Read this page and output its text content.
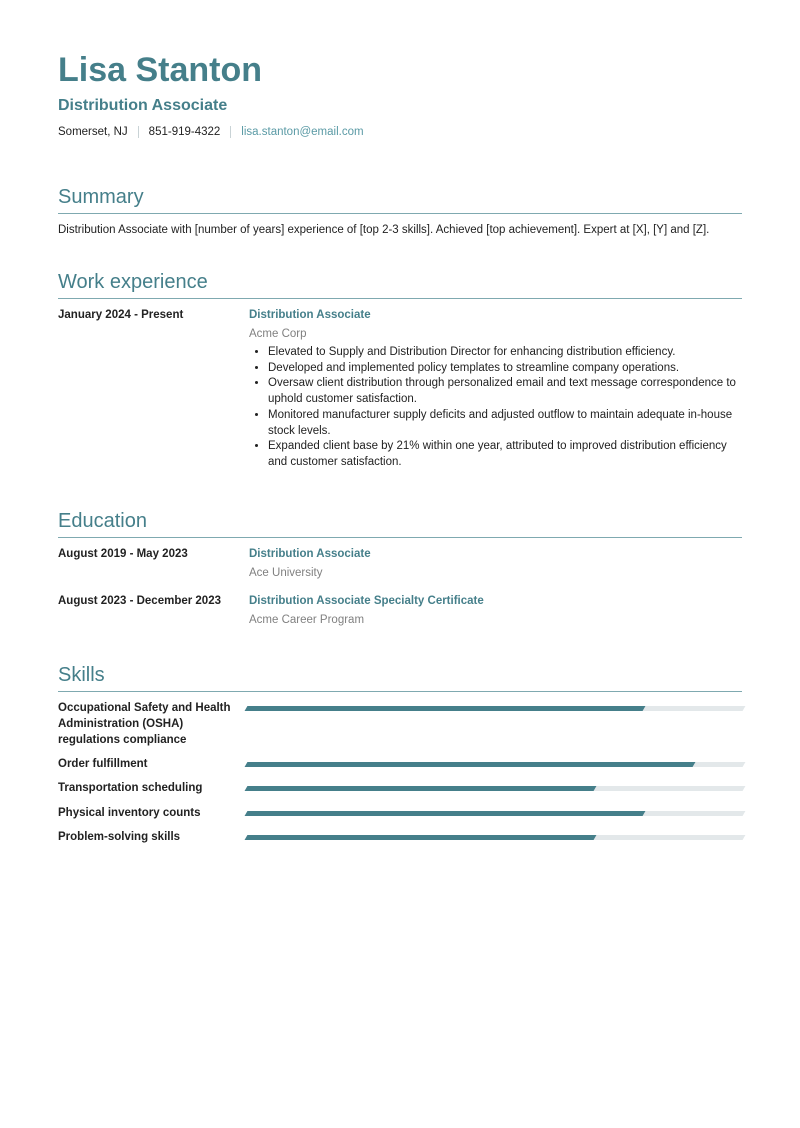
Lisa Stanton
Distribution Associate
Somerset, NJ 851-919-4322 lisa.stanton@email.com
Summary
Distribution Associate with [number of years] experience of [top 2-3 skills]. Achieved [top achievement]. Expert at [X], [Y] and [Z].
Work experience
January 2024 - Present	Distribution Associate
Acme Corp
• Elevated to Supply and Distribution Director for enhancing distribution efficiency.
• Developed and implemented policy templates to streamline company operations.
• Oversaw client distribution through personalized email and text message correspondence to uphold customer satisfaction.
• Monitored manufacturer supply deficits and adjusted outflow to maintain adequate in-house stock levels.
• Expanded client base by 21% within one year, attributed to improved distribution efficiency and customer satisfaction.
Education
August 2019 - May 2023	Distribution Associate
Ace University
August 2023 - December 2023	Distribution Associate Specialty Certificate
Acme Career Program
Skills
Occupational Safety and Health Administration (OSHA) regulations compliance
Order fulfillment
Transportation scheduling
Physical inventory counts
Problem-solving skills
